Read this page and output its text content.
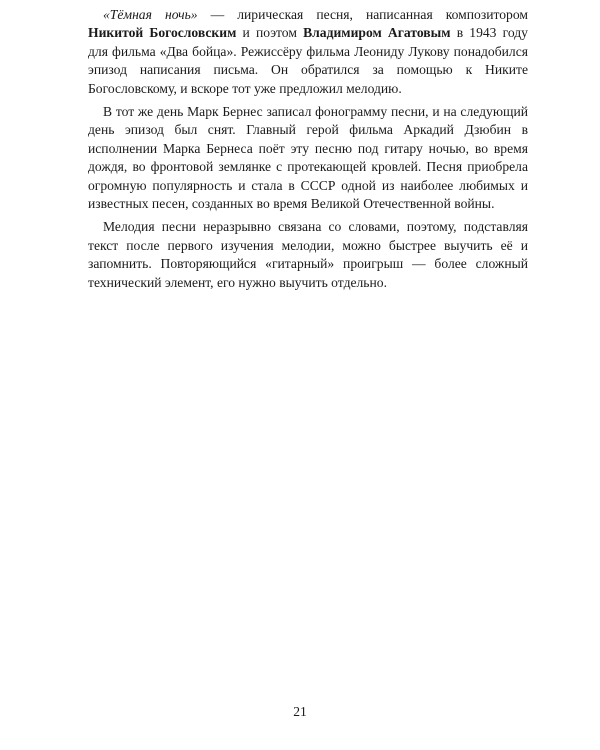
«Тёмная ночь» — лирическая песня, написанная композитором Никитой Богословским и поэтом Владимиром Агатовым в 1943 году для фильма «Два бойца». Режиссёру фильма Леониду Лукову понадобился эпизод написания письма. Он обратился за помощью к Никите Богословскому, и вскоре тот уже предложил мелодию.

В тот же день Марк Бернес записал фонограмму песни, и на следующий день эпизод был снят. Главный герой фильма Аркадий Дзюбин в исполнении Марка Бернеса поёт эту песню под гитару ночью, во время дождя, во фронтовой землянке с протекающей кровлей. Песня приобрела огромную популярность и стала в СССР одной из наиболее любимых и известных песен, созданных во время Великой Отечественной войны.

Мелодия песни неразрывно связана со словами, поэтому, подставляя текст после первого изучения мелодии, можно быстрее выучить её и запомнить. Повторяющийся «гитарный» проигрыш — более сложный технический элемент, его нужно выучить отдельно.

21
